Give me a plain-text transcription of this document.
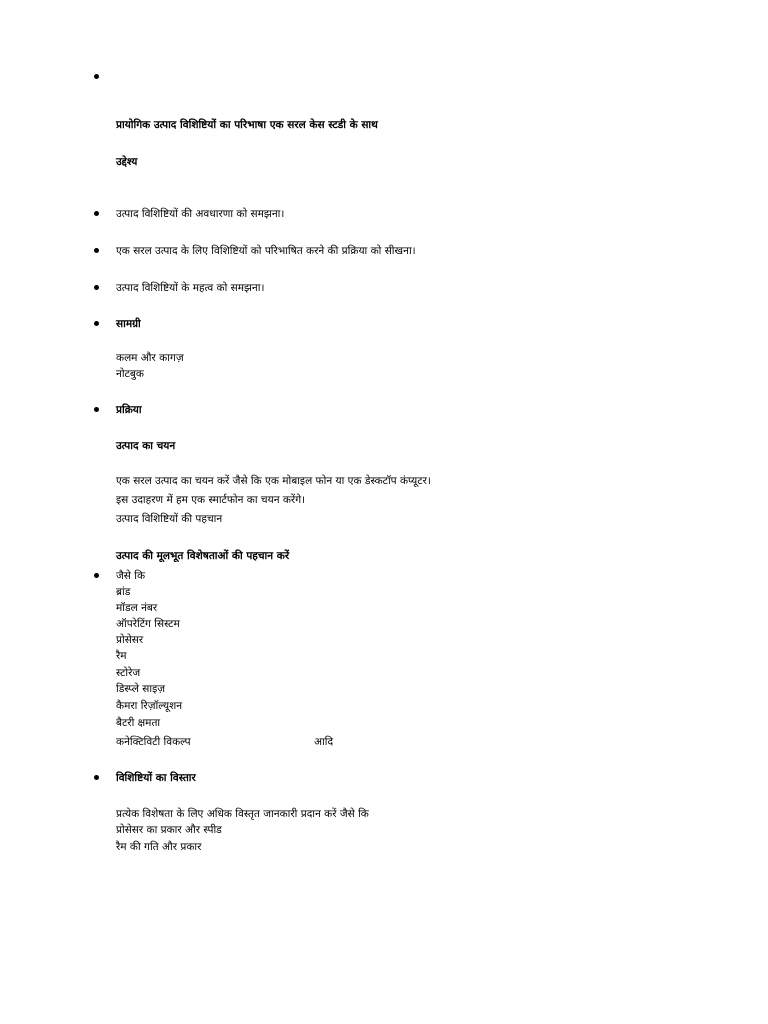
प्रायोगिक उत्पाद विशिष्टियों का परिभाषा एक सरल केस स्टडी के साथ
उद्देश्य
उत्पाद विशिष्टियों की अवधारणा को समझना।
एक सरल उत्पाद के लिए विशिष्टियों को परिभाषित करने की प्रक्रिया को सीखना।
उत्पाद विशिष्टियों के महत्व को समझना।
सामग्री
कलम और कागज़
नोटबुक
प्रक्रिया
उत्पाद का चयन
एक सरल उत्पाद का चयन करें जैसे कि एक मोबाइल फोन या एक डेस्कटॉप कंप्यूटर।
इस उदाहरण में हम एक स्मार्टफोन का चयन करेंगे।
उत्पाद विशिष्टियों की पहचान
उत्पाद की मूलभूत विशेषताओं की पहचान करें
जैसे कि
ब्रांड
मॉडल नंबर
ऑपरेटिंग सिस्टम
प्रोसेसर
रैम
स्टोरेज
डिस्प्ले साइज़
कैमरा रिज़ॉल्यूशन
बैटरी क्षमता
कनेक्टिविटी विकल्प	आदि
विशिष्टियों का विस्तार
प्रत्येक विशेषता के लिए अधिक विस्तृत जानकारी प्रदान करें जैसे कि
प्रोसेसर का प्रकार और स्पीड
रैम की गति और प्रकार
